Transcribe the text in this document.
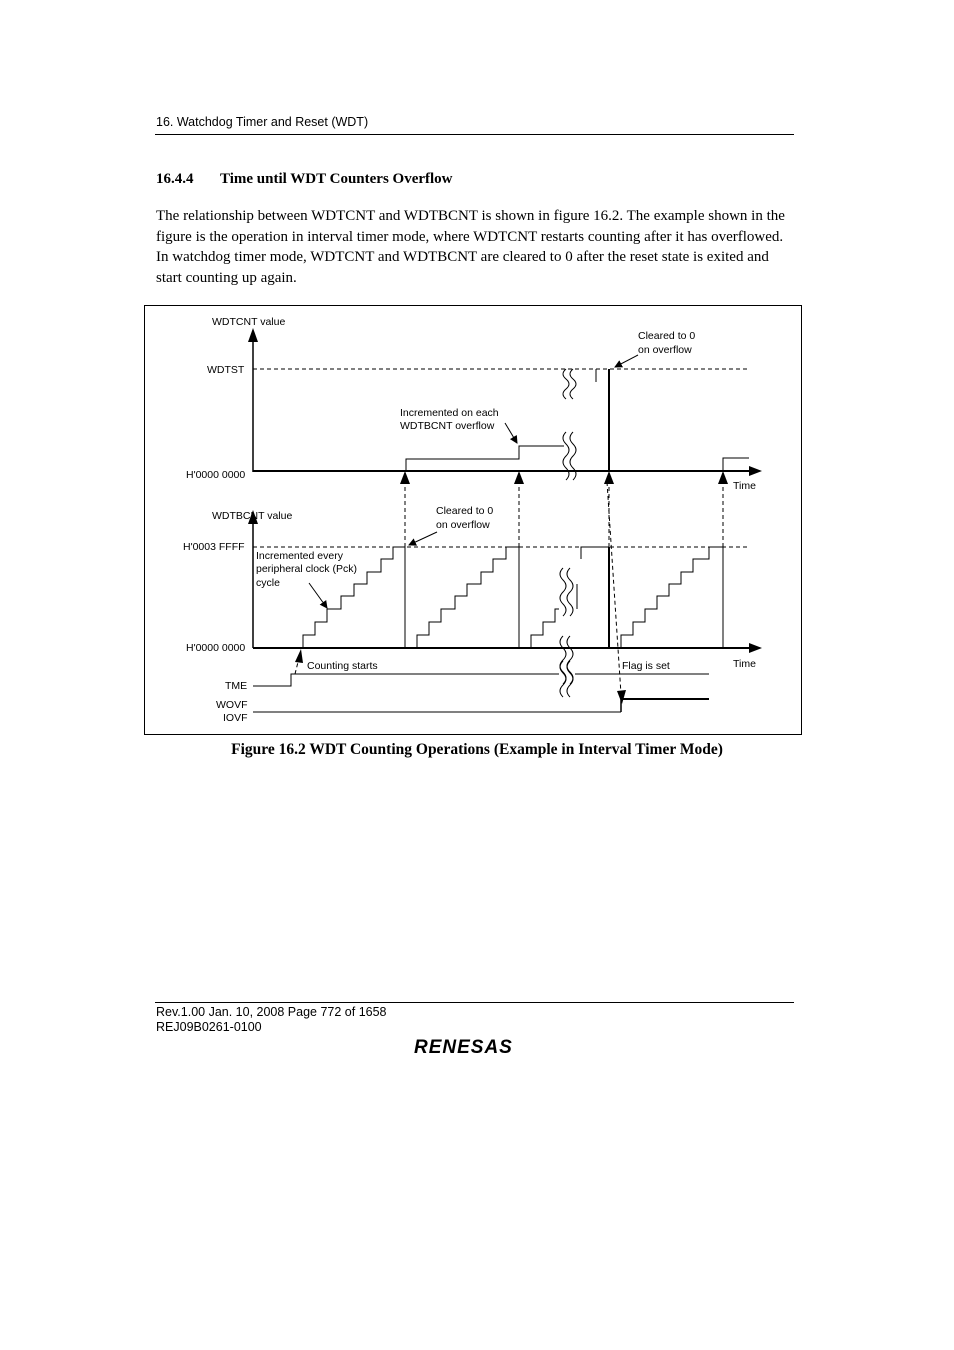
16. Watchdog Timer and Reset (WDT)
16.4.4 Time until WDT Counters Overflow

The relationship between WDTCNT and WDTBCNT is shown in figure 16.2. The example shown in the figure is the operation in interval timer mode, where WDTCNT restarts counting after it has overflowed. In watchdog timer mode, WDTCNT and WDTBCNT are cleared to 0 after the reset state is exited and start counting up again.

WDTCNT value
WDTST
H'0000 0000
Time
Cleared to 0
on overflow
Incremented on each
WDTBCNT overflow
WDTBCNT value
H'0003 FFFF
Cleared to 0
on overflow
Incremented every
peripheral clock (Pck)
cycle
H'0000 0000
Time
Counting starts	Flag is set
TME
WOVF
IOVF
Figure 16.2 WDT Counting Operations (Example in Interval Timer Mode)
Rev.1.00 Jan. 10, 2008 Page 772 of 1658
REJ09B0261-0100
RENESAS
